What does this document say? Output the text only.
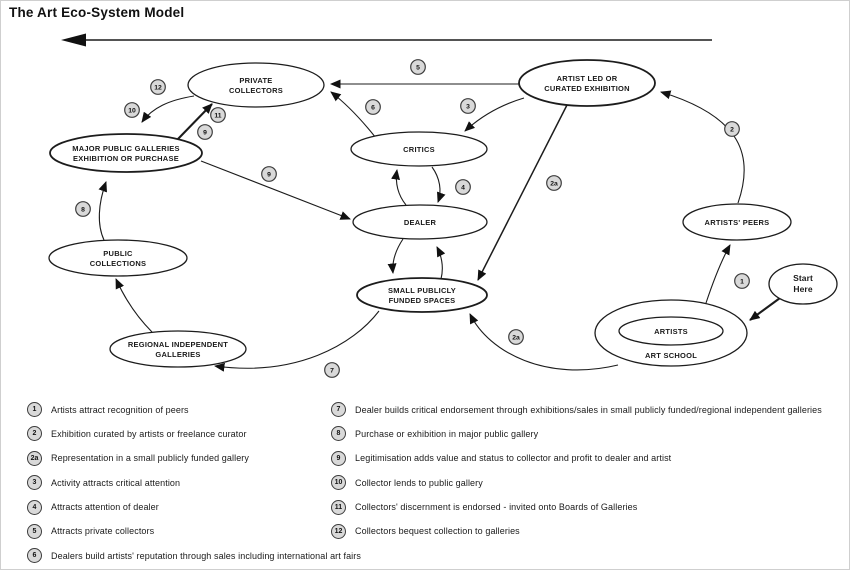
The Art Eco-System Model
PRIVATE COLLECTORS
ARTIST LED OR CURATED EXHIBITION
CRITICS
DEALER
SMALL PUBLICLY FUNDED SPACES
MAJOR PUBLIC GALLERIES EXHIBITION OR PURCHASE
PUBLIC COLLECTIONS
REGIONAL INDEPENDENT GALLERIES
ARTISTS' PEERS
ARTISTS
ART SCHOOL
Start Here
5
3
6
2
12
10
11
9
9
2a
4
2a
1
8
7
1	Artists attract recognition of peers
2	Exhibition curated by artists or freelance curator
2a	Representation in a small publicly funded gallery
3	Activity attracts critical attention
4	Attracts attention of dealer
5	Attracts private collectors
6	Dealers build artists' reputation through sales including international art fairs
7	Dealer builds critical endorsement through exhibitions/sales in small publicly funded/regional independent galleries
8	Purchase or exhibition in major public gallery
9	Legitimisation adds value and status to collector and profit to dealer and artist
10	Collector lends to public gallery
11	Collectors' discernment is endorsed - invited onto Boards of Galleries
12	Collectors bequest collection to galleries
